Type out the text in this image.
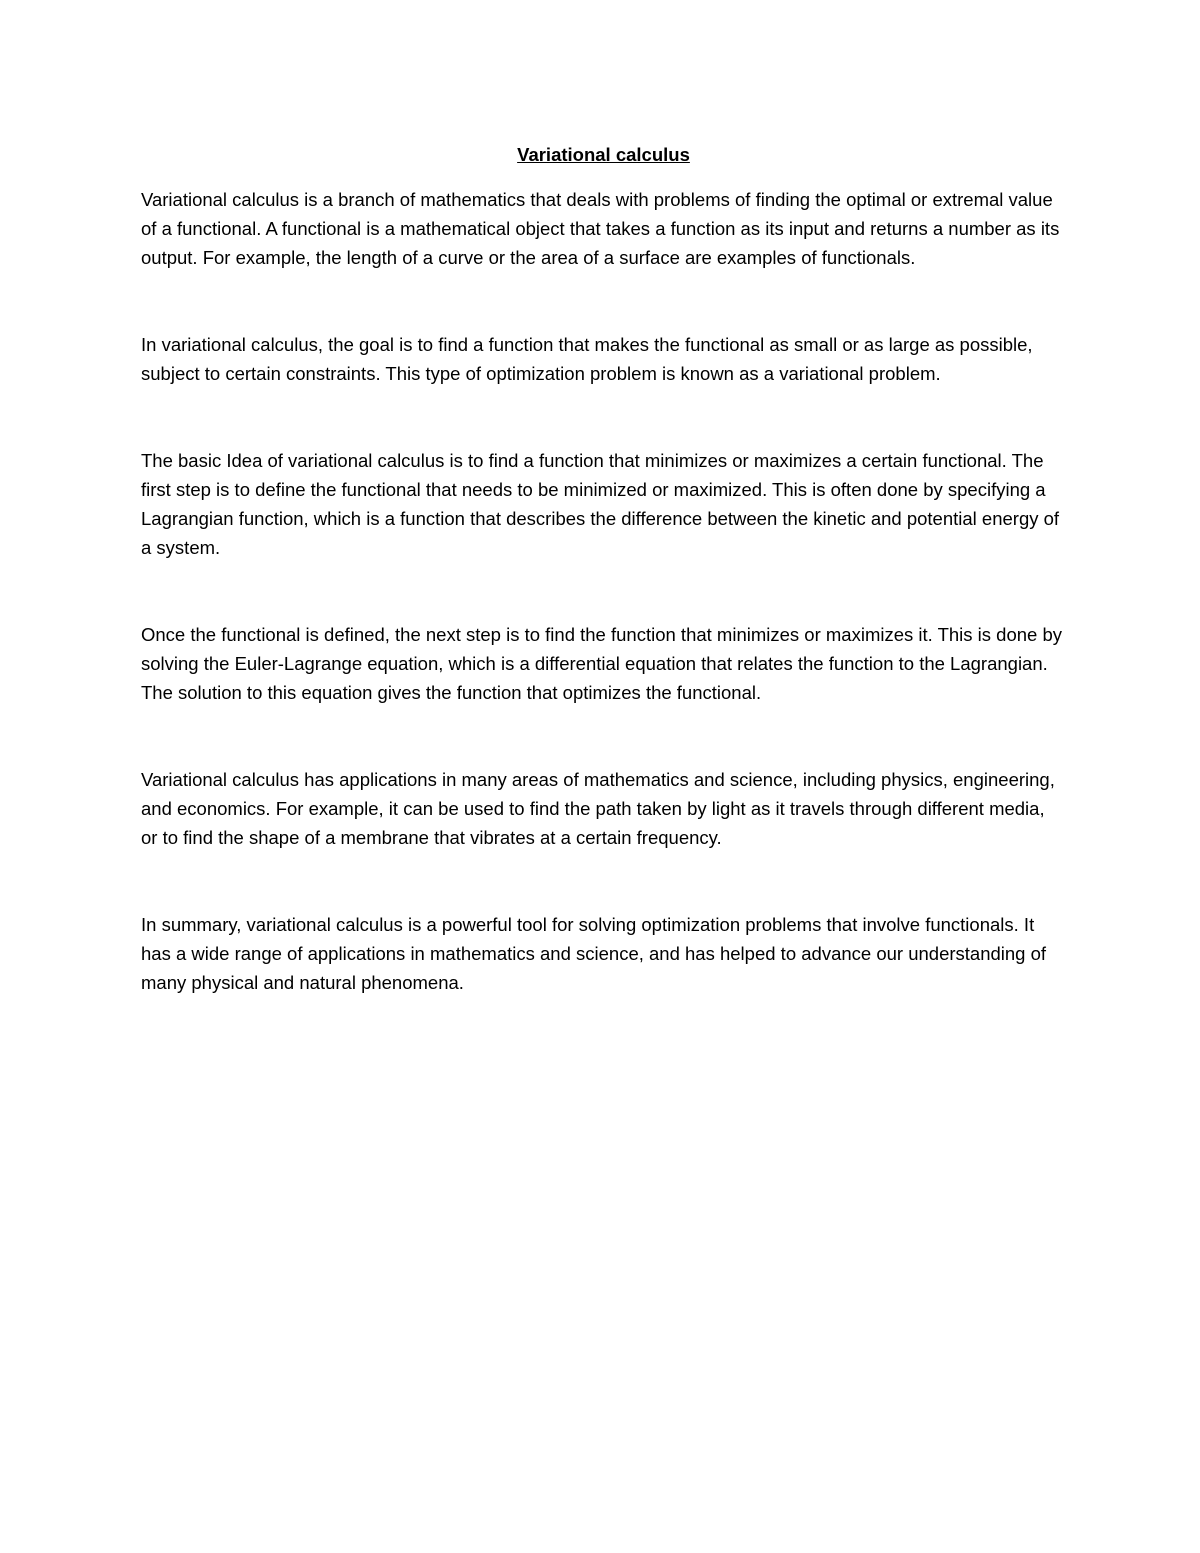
Variational calculus

Variational calculus is a branch of mathematics that deals with problems of finding the optimal or extremal value of a functional. A functional is a mathematical object that takes a function as its input and returns a number as its output. For example, the length of a curve or the area of a surface are examples of functionals.

In variational calculus, the goal is to find a function that makes the functional as small or as large as possible, subject to certain constraints. This type of optimization problem is known as a variational problem.

The basic Idea of variational calculus is to find a function that minimizes or maximizes a certain functional. The first step is to define the functional that needs to be minimized or maximized. This is often done by specifying a Lagrangian function, which is a function that describes the difference between the kinetic and potential energy of a system.

Once the functional is defined, the next step is to find the function that minimizes or maximizes it. This is done by solving the Euler-Lagrange equation, which is a differential equation that relates the function to the Lagrangian. The solution to this equation gives the function that optimizes the functional.

Variational calculus has applications in many areas of mathematics and science, including physics, engineering, and economics. For example, it can be used to find the path taken by light as it travels through different media, or to find the shape of a membrane that vibrates at a certain frequency.

In summary, variational calculus is a powerful tool for solving optimization problems that involve functionals. It has a wide range of applications in mathematics and science, and has helped to advance our understanding of many physical and natural phenomena.
